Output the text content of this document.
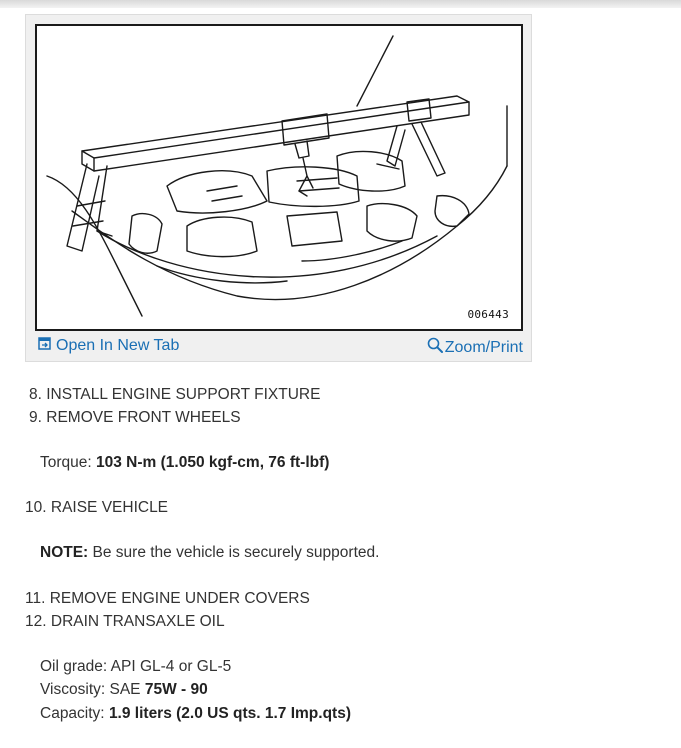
006443
Open In New Tab	Zoom/Print
8. INSTALL ENGINE SUPPORT FIXTURE
9. REMOVE FRONT WHEELS
Torque: 103 N-m (1.050 kgf-cm, 76 ft-lbf)
10. RAISE VEHICLE
NOTE: Be sure the vehicle is securely supported.
11. REMOVE ENGINE UNDER COVERS
12. DRAIN TRANSAXLE OIL
Oil grade: API GL-4 or GL-5
Viscosity: SAE 75W - 90
Capacity: 1.9 liters (2.0 US qts. 1.7 Imp.qts)
